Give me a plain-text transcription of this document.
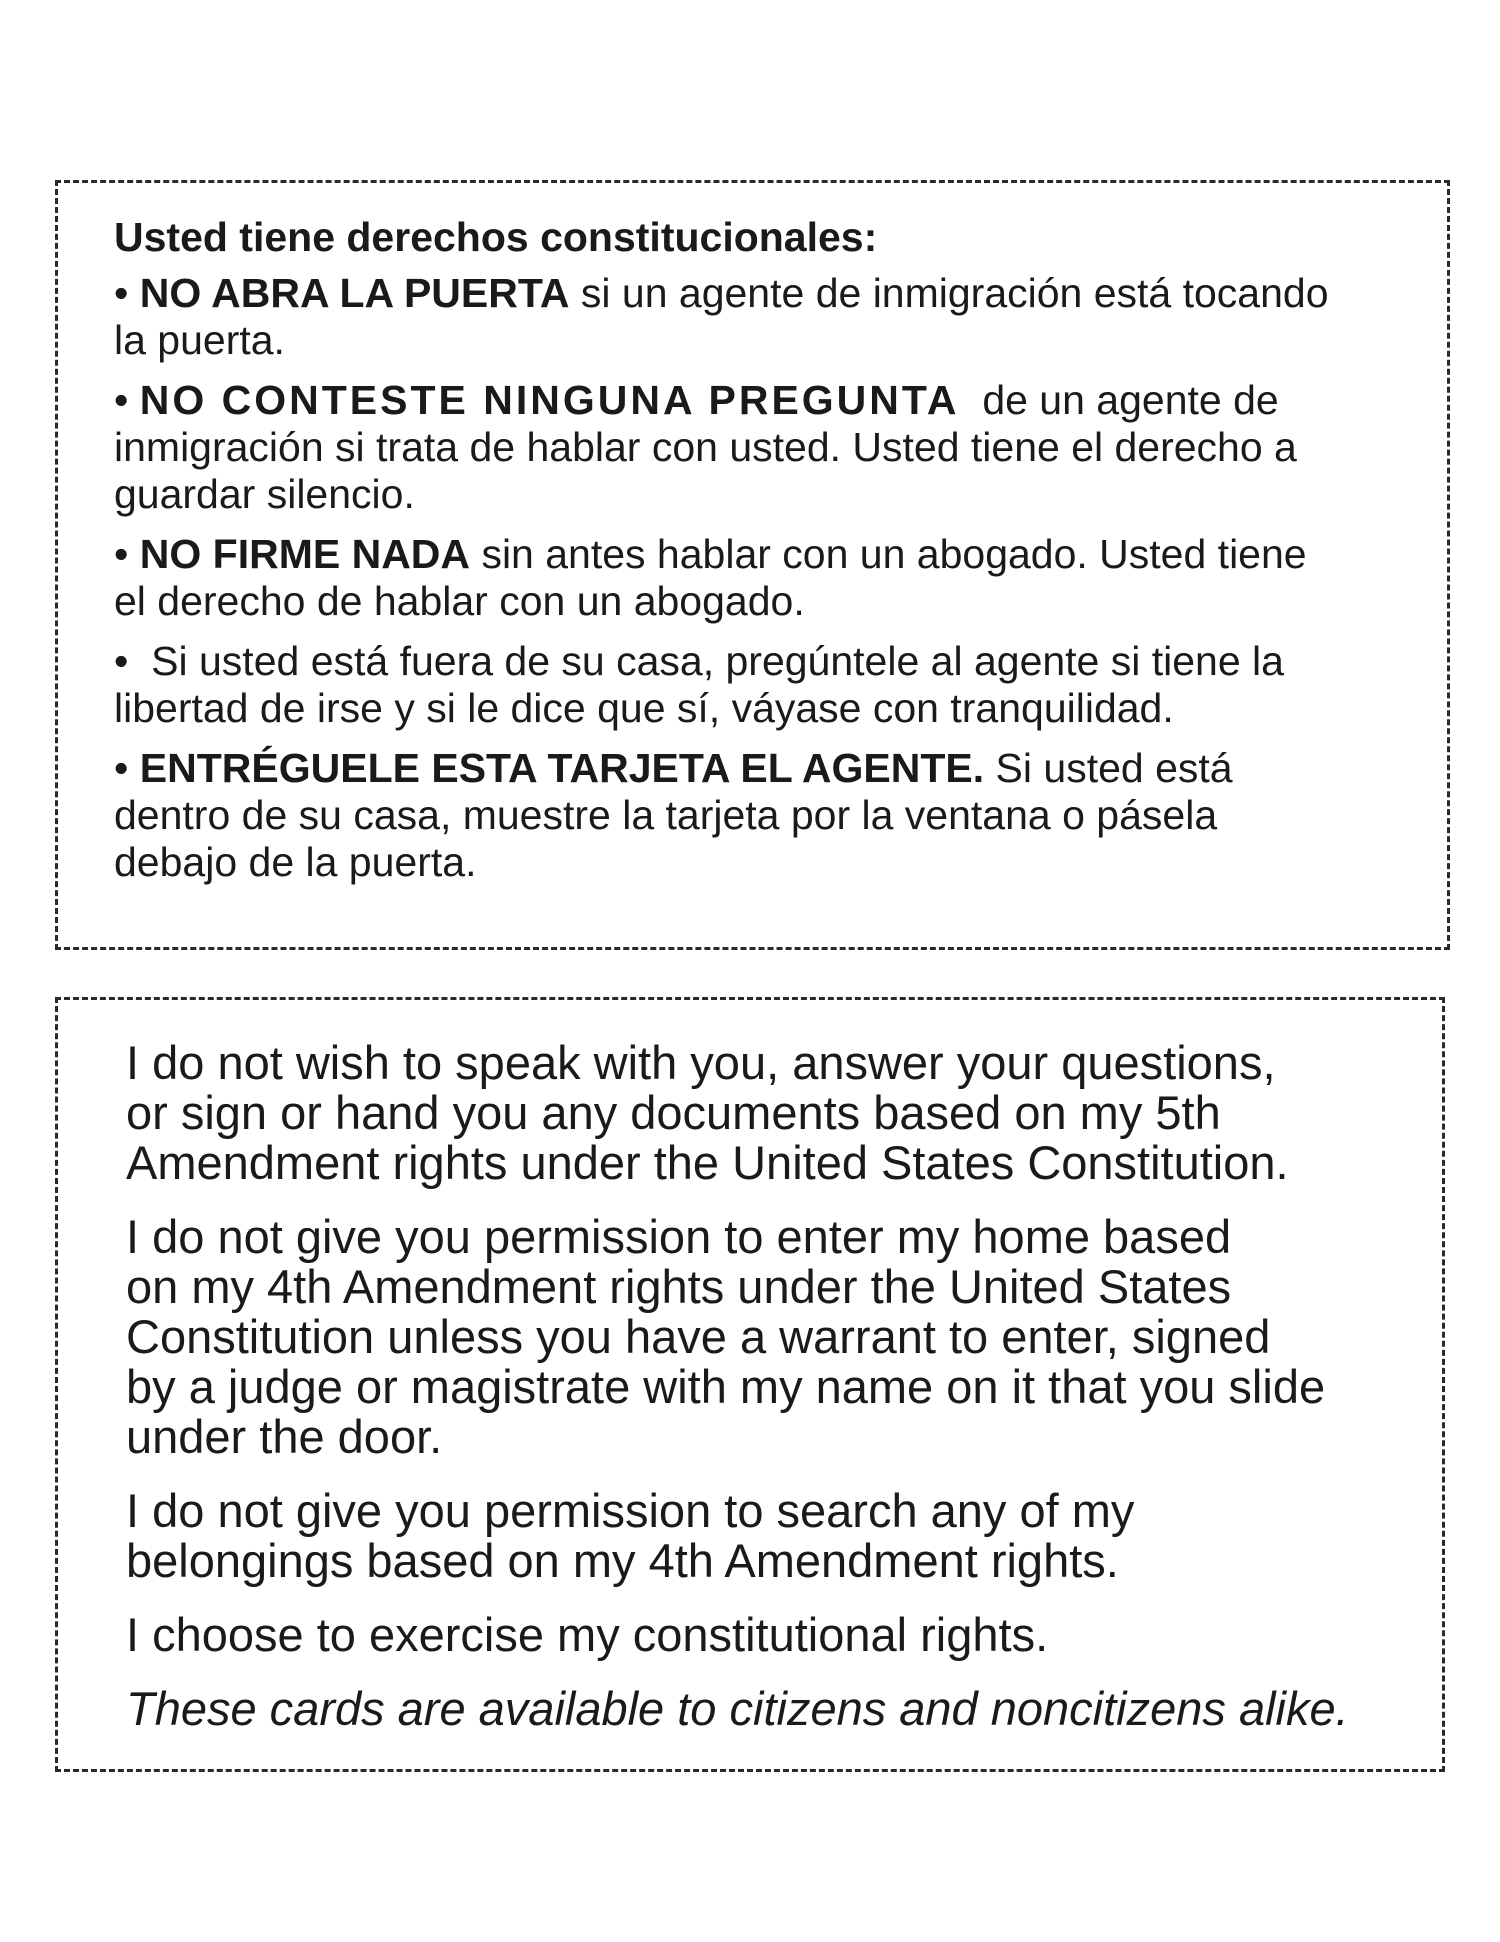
Usted tiene derechos constitucionales:
• NO ABRA LA PUERTA si un agente de inmigración está tocando
la puerta.
• NO CONTESTE NINGUNA PREGUNTA de un agente de
inmigración si trata de hablar con usted. Usted tiene el derecho a
guardar silencio.
• NO FIRME NADA sin antes hablar con un abogado. Usted tiene
el derecho de hablar con un abogado.
• Si usted está fuera de su casa, pregúntele al agente si tiene la
libertad de irse y si le dice que sí, váyase con tranquilidad.
• ENTRÉGUELE ESTA TARJETA EL AGENTE. Si usted está
dentro de su casa, muestre la tarjeta por la ventana o pásela
debajo de la puerta.
I do not wish to speak with you, answer your questions,
or sign or hand you any documents based on my 5th
Amendment rights under the United States Constitution.
I do not give you permission to enter my home based
on my 4th Amendment rights under the United States
Constitution unless you have a warrant to enter, signed
by a judge or magistrate with my name on it that you slide
under the door.
I do not give you permission to search any of my
belongings based on my 4th Amendment rights.
I choose to exercise my constitutional rights.
These cards are available to citizens and noncitizens alike.
